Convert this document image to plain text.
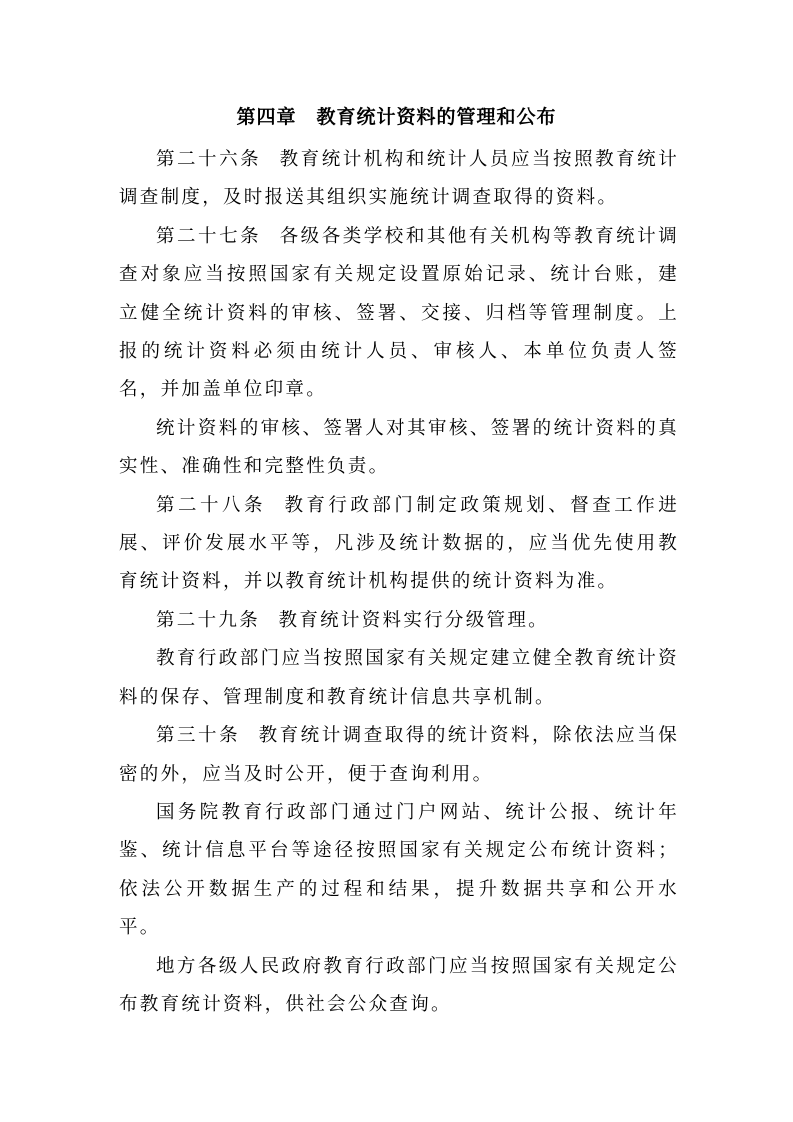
第四章　教育统计资料的管理和公布

第二十六条 教育统计机构和统计人员应当按照教育统计调查制度，及时报送其组织实施统计调查取得的资料。

第二十七条 各级各类学校和其他有关机构等教育统计调查对象应当按照国家有关规定设置原始记录、统计台账，建立健全统计资料的审核、签署、交接、归档等管理制度。上报的统计资料必须由统计人员、审核人、本单位负责人签名，并加盖单位印章。

统计资料的审核、签署人对其审核、签署的统计资料的真实性、准确性和完整性负责。

第二十八条 教育行政部门制定政策规划、督查工作进展、评价发展水平等，凡涉及统计数据的，应当优先使用教育统计资料，并以教育统计机构提供的统计资料为准。

第二十九条 教育统计资料实行分级管理。

教育行政部门应当按照国家有关规定建立健全教育统计资料的保存、管理制度和教育统计信息共享机制。

第三十条 教育统计调查取得的统计资料，除依法应当保密的外，应当及时公开，便于查询利用。

国务院教育行政部门通过门户网站、统计公报、统计年鉴、统计信息平台等途径按照国家有关规定公布统计资料；依法公开数据生产的过程和结果，提升数据共享和公开水平。

地方各级人民政府教育行政部门应当按照国家有关规定公布教育统计资料，供社会公众查询。
